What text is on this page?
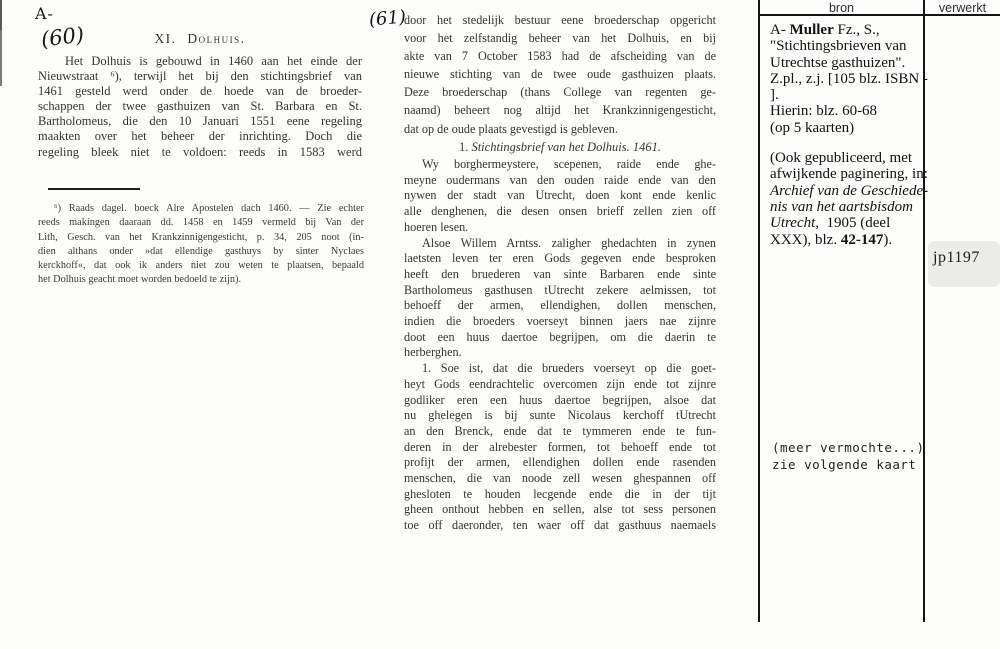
A-
(60)
(61)
XI. Dolhuis.
Het Dolhuis is gebouwd in 1460 aan het einde der
Nieuwstraat ⁶), terwijl het bij den stichtingsbrief van
1461 gesteld werd onder de hoede van de broeder-
schappen der twee gasthuizen van St. Barbara en St.
Bartholomeus, die den 10 Januari 1551 eene regeling
maakten over het beheer der inrichting. Doch die
regeling bleek niet te voldoen: reeds in 1583 werd
⁶) Raads dagel. boeck Alre Apostelen dach 1460. — Zie echter
reeds makingen daaraan dd. 1458 en 1459 vermeld bij Van der
Lith, Gesch. van het Krankzinnigengesticht, p. 34, 205 noot (in-
dien althans onder »dat ellendige gasthuys by sinter Nyclaes
kerckhoff«, dat ook ik anders niet zou weten te plaatsen, bepaald
het Dolhuis geacht moet worden bedoeld te zijn).
door het stedelijk bestuur eene broederschap opgericht
voor het zelfstandig beheer van het Dolhuis, en bij
akte van 7 October 1583 had de afscheiding van de
nieuwe stichting van de twee oude gasthuizen plaats.
Deze broederschap (thans College van regenten ge-
naamd) beheert nog altijd het Krankzinnigengesticht,
dat op de oude plaats gevestigd is gebleven.
1. Stichtingsbrief van het Dolhuis. 1461.
Wy borghermeystere, scepenen, raide ende ghe-
meyne oudermans van den ouden raide ende van den
nywen der stadt van Utrecht, doen kont ende kenlic
alle denghenen, die desen onsen brieff zellen zien off
hoeren lesen.
Alsoe Willem Arntss. zaligher ghedachten in zynen
laetsten leven ter eren Gods gegeven ende besproken
heeft den bruederen van sinte Barbaren ende sinte
Bartholomeus gasthusen tUtrecht zekere aelmissen, tot
behoeff der armen, ellendighen, dollen menschen,
indien die broeders voerseyt binnen jaers nae zijnre
doot een huus daertoe begrijpen, om die daerin te
herberghen.
1. Soe ist, dat die brueders voerseyt op die goet-
heyt Gods eendrachtelic overcomen zijn ende tot zijnre
godliker eren een huus daertoe begrijpen, alsoe dat
nu ghelegen is bij sunte Nicolaus kerchoff tUtrecht
an den Brenck, ende dat te tymmeren ende te fun-
deren in der alrebester formen, tot behoeff ende tot
profijt der armen, ellendighen dollen ende rasenden
menschen, die van noode zell wesen ghespannen off
ghesloten te houden lecgende ende die in der tijt
gheen onthout hebben en sellen, alse tot sess personen
toe off daeronder, ten waer off dat gasthuus naemaels
bron	verwerkt
A- Muller Fz., S.,
"Stichtingsbrieven van
Utrechtse gasthuizen".
Z.pl., z.j. [105 blz. ISBN -
].
Hierin: blz. 60-68
(op 5 kaarten)
(Ook gepubliceerd, met
afwijkende paginering, in:
Archief van de Geschiede-
nis van het aartsbisdom
Utrecht,  1905 (deel
XXX), blz. 42-147).
(meer vermochte...)
zie volgende kaart
jp1197
